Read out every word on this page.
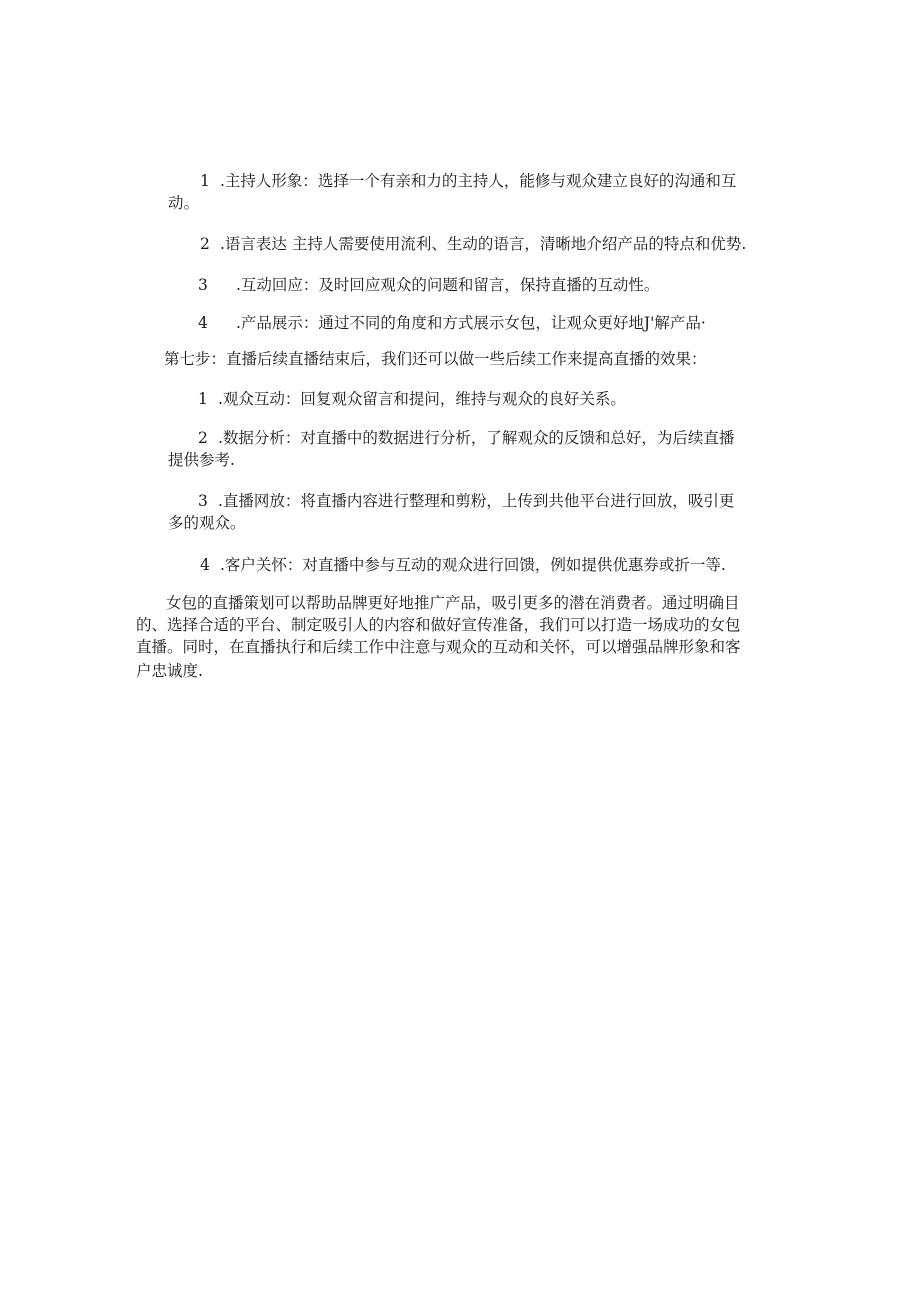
1 .主持人形象：选择一个有亲和力的主持人，能修与观众建立良好的沟通和互
动。
2 .语言表达 主持人需要使用流利、生动的语言，清晰地介绍产品的特点和优势.
3 .互动回应：及时回应观众的问题和留言，保持直播的互动性。
4 .产品展示：通过不同的角度和方式展示女包，让观众更好地J'解产品·
第七步：直播后续直播结束后，我们还可以做一些后续工作来提高直播的效果：
1 .观众互动：回复观众留言和提问，维持与观众的良好关系。
2 .数据分析：对直播中的数据进行分析，了解观众的反馈和总好，为后续直播
提供参考.
3 .直播网放：将直播内容进行整理和剪粉，上传到共他平台进行回放，吸引更
多的观众。
4 .客户关怀：对直播中参与互动的观众进行回馈，例如提供优惠券或折一等.
女包的直播策划可以帮助品牌更好地推广产品，吸引更多的潜在消费者。通过明确目
的、选择合适的平台、制定吸引人的内容和做好宣传准备，我们可以打造一场成功的女包
直播。同时，在直播执行和后续工作中注意与观众的互动和关怀，可以增强品牌形象和客
户忠诚度.
